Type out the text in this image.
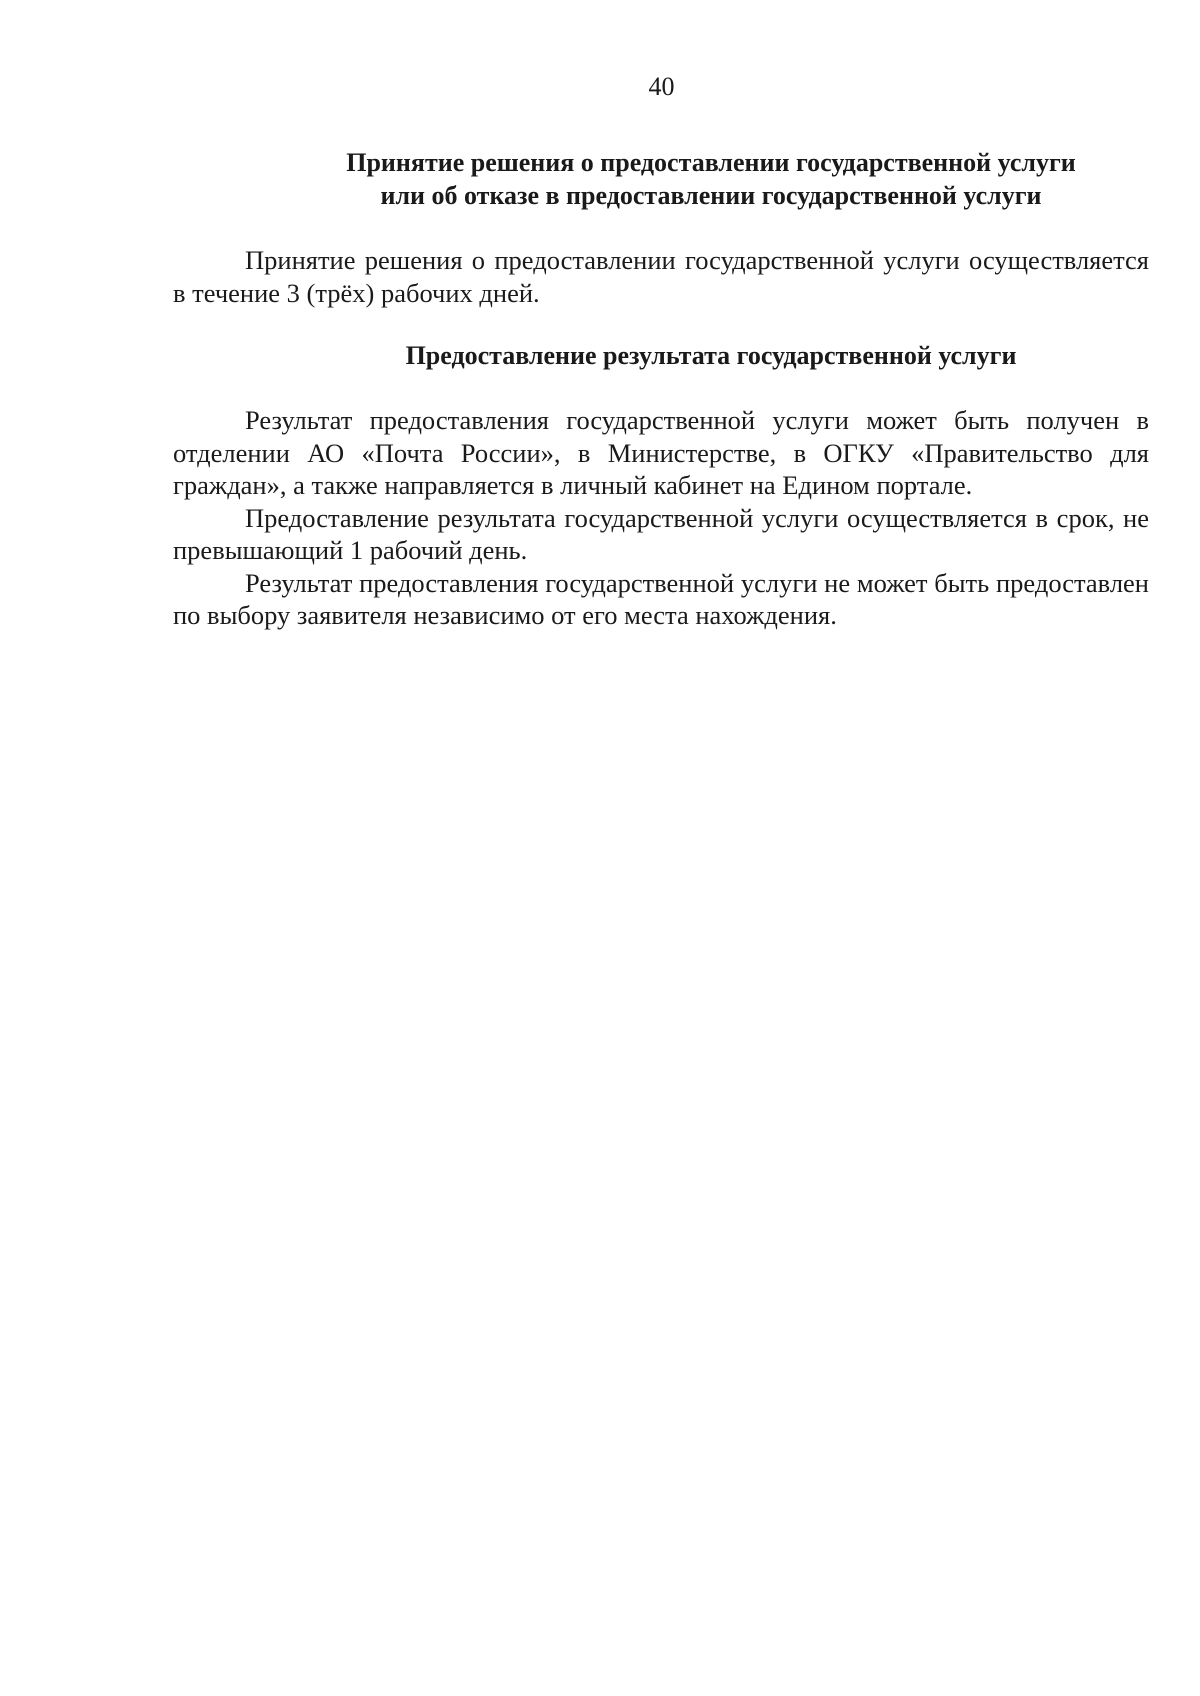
40
Принятие решения о предоставлении государственной услуги
или об отказе в предоставлении государственной услуги

Принятие решения о предоставлении государственной услуги осуществляется в течение 3 (трёх) рабочих дней.

Предоставление результата государственной услуги

Результат предоставления государственной услуги может быть получен в отделении АО «Почта России», в Министерстве, в ОГКУ «Правительство для граждан», а также направляется в личный кабинет на Едином портале.

Предоставление результата государственной услуги осуществляется в срок, не превышающий 1 рабочий день.

Результат предоставления государственной услуги не может быть предоставлен по выбору заявителя независимо от его места нахождения.
